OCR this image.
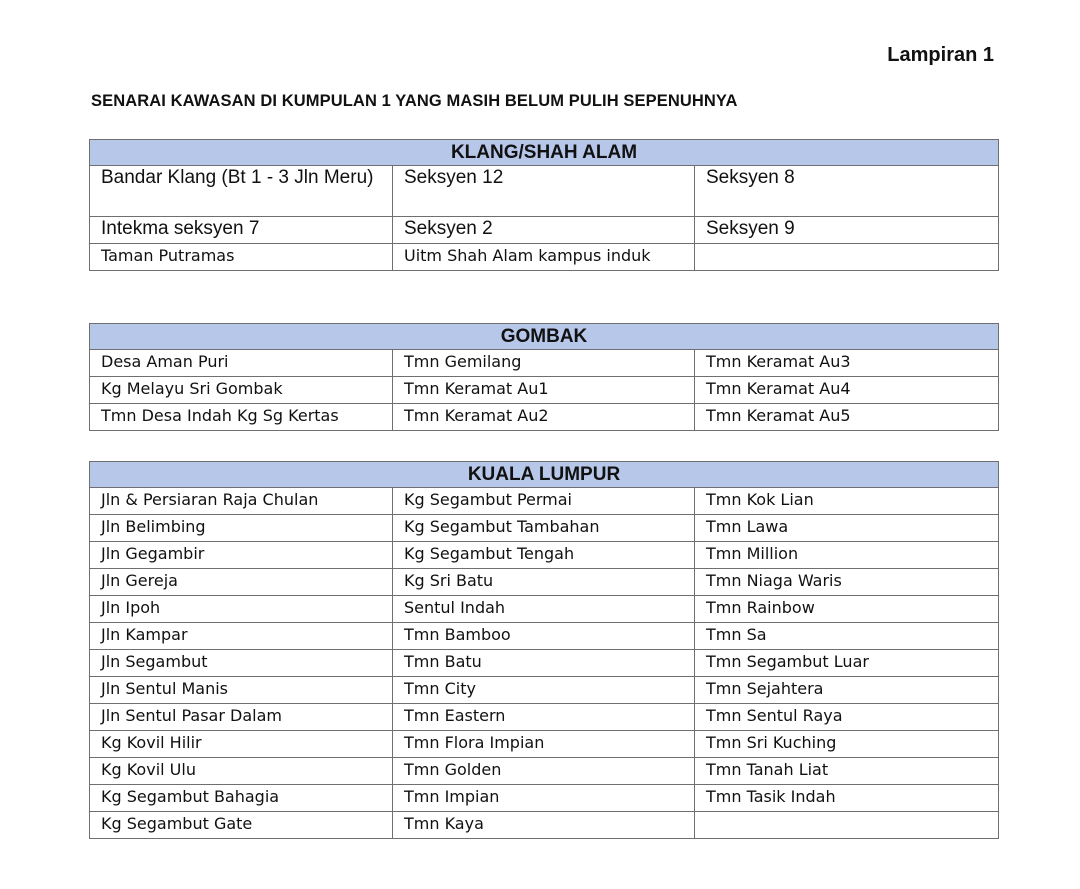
Lampiran 1
SENARAI KAWASAN DI KUMPULAN 1 YANG MASIH BELUM PULIH SEPENUHNYA
KLANG/SHAH ALAM		
Bandar Klang (Bt 1 - 3 Jln Meru)	Seksyen 12	Seksyen 8
Intekma seksyen 7	Seksyen 2	Seksyen 9
Taman Putramas	Uitm Shah Alam kampus induk	
GOMBAK		
Desa Aman Puri	Tmn Gemilang	Tmn Keramat Au3
Kg Melayu Sri Gombak	Tmn Keramat Au1	Tmn Keramat Au4
Tmn Desa Indah Kg Sg Kertas	Tmn Keramat Au2	Tmn Keramat Au5
KUALA LUMPUR		
Jln & Persiaran Raja Chulan	Kg Segambut Permai	Tmn Kok Lian
Jln Belimbing	Kg Segambut Tambahan	Tmn Lawa
Jln Gegambir	Kg Segambut Tengah	Tmn Million
Jln Gereja	Kg Sri Batu	Tmn Niaga Waris
Jln Ipoh	Sentul Indah	Tmn Rainbow
Jln Kampar	Tmn Bamboo	Tmn Sa
Jln Segambut	Tmn Batu	Tmn Segambut Luar
Jln Sentul Manis	Tmn City	Tmn Sejahtera
Jln Sentul Pasar Dalam	Tmn Eastern	Tmn Sentul Raya
Kg Kovil Hilir	Tmn Flora Impian	Tmn Sri Kuching
Kg Kovil Ulu	Tmn Golden	Tmn Tanah Liat
Kg Segambut Bahagia	Tmn Impian	Tmn Tasik Indah
Kg Segambut Gate	Tmn Kaya	
